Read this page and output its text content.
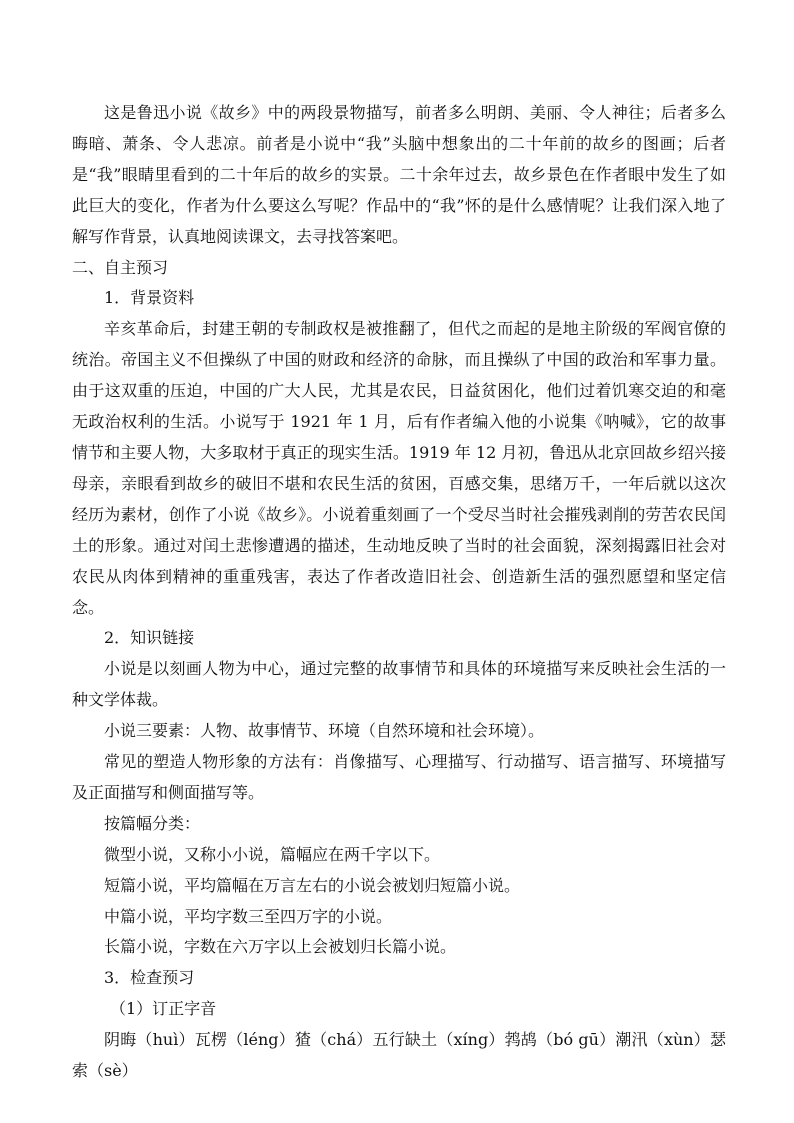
这是鲁迅小说《故乡》中的两段景物描写，前者多么明朗、美丽、令人神往；后者多么晦暗、萧条、令人悲凉。前者是小说中“我”头脑中想象出的二十年前的故乡的图画；后者是“我”眼睛里看到的二十年后的故乡的实景。二十余年过去，故乡景色在作者眼中发生了如此巨大的变化，作者为什么要这么写呢？作品中的“我”怀的是什么感情呢？让我们深入地了解写作背景，认真地阅读课文，去寻找答案吧。

二、自主预习

1．背景资料

辛亥革命后，封建王朝的专制政权是被推翻了，但代之而起的是地主阶级的军阀官僚的统治。帝国主义不但操纵了中国的财政和经济的命脉，而且操纵了中国的政治和军事力量。由于这双重的压迫，中国的广大人民，尤其是农民，日益贫困化，他们过着饥寒交迫的和毫无政治权利的生活。小说写于 1921 年 1 月，后有作者编入他的小说集《呐喊》，它的故事情节和主要人物，大多取材于真正的现实生活。1919 年 12 月初，鲁迅从北京回故乡绍兴接母亲，亲眼看到故乡的破旧不堪和农民生活的贫困，百感交集，思绪万千，一年后就以这次经历为素材，创作了小说《故乡》。小说着重刻画了一个受尽当时社会摧残剥削的劳苦农民闰土的形象。通过对闰土悲惨遭遇的描述，生动地反映了当时的社会面貌，深刻揭露旧社会对农民从肉体到精神的重重残害，表达了作者改造旧社会、创造新生活的强烈愿望和坚定信念。

2．知识链接

小说是以刻画人物为中心，通过完整的故事情节和具体的环境描写来反映社会生活的一种文学体裁。

小说三要素：人物、故事情节、环境（自然环境和社会环境）。

常见的塑造人物形象的方法有：肖像描写、心理描写、行动描写、语言描写、环境描写及正面描写和侧面描写等。

按篇幅分类：

微型小说，又称小小说，篇幅应在两千字以下。

短篇小说，平均篇幅在万言左右的小说会被划归短篇小说。

中篇小说，平均字数三至四万字的小说。

长篇小说，字数在六万字以上会被划归长篇小说。

3．检查预习

（1）订正字音

阴晦（huì）瓦楞（léng）猹（chá）五行缺土（xíng）鹁鸪（bó gū）潮汛（xùn）瑟索（sè）
